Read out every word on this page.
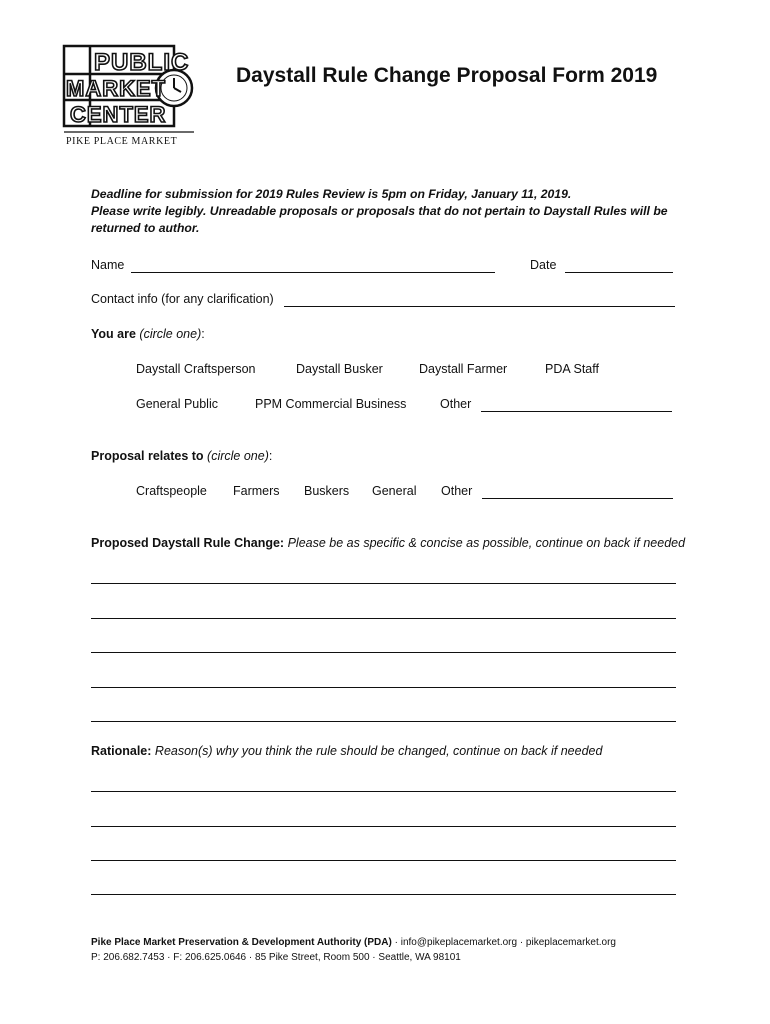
PUBLIC
MARKET
CENTER
PIKE PLACE MARKET
Daystall Rule Change Proposal Form 2019
Deadline for submission for 2019 Rules Review is 5pm on Friday, January 11, 2019.
Please write legibly. Unreadable proposals or proposals that do not pertain to Daystall Rules will be
returned to author.
Name	Date
Contact info (for any clarification)
You are (circle one):
Daystall Craftsperson	Daystall Busker	Daystall Farmer	PDA Staff
General Public	PPM Commercial Business	Other
Proposal relates to (circle one):
Craftspeople Farmers Buskers General Other
Proposed Daystall Rule Change: Please be as specific & concise as possible, continue on back if needed
Rationale: Reason(s) why you think the rule should be changed, continue on back if needed
Pike Place Market Preservation & Development Authority (PDA) · info@pikeplacemarket.org · pikeplacemarket.org
P: 206.682.7453 · F: 206.625.0646 · 85 Pike Street, Room 500 · Seattle, WA 98101
